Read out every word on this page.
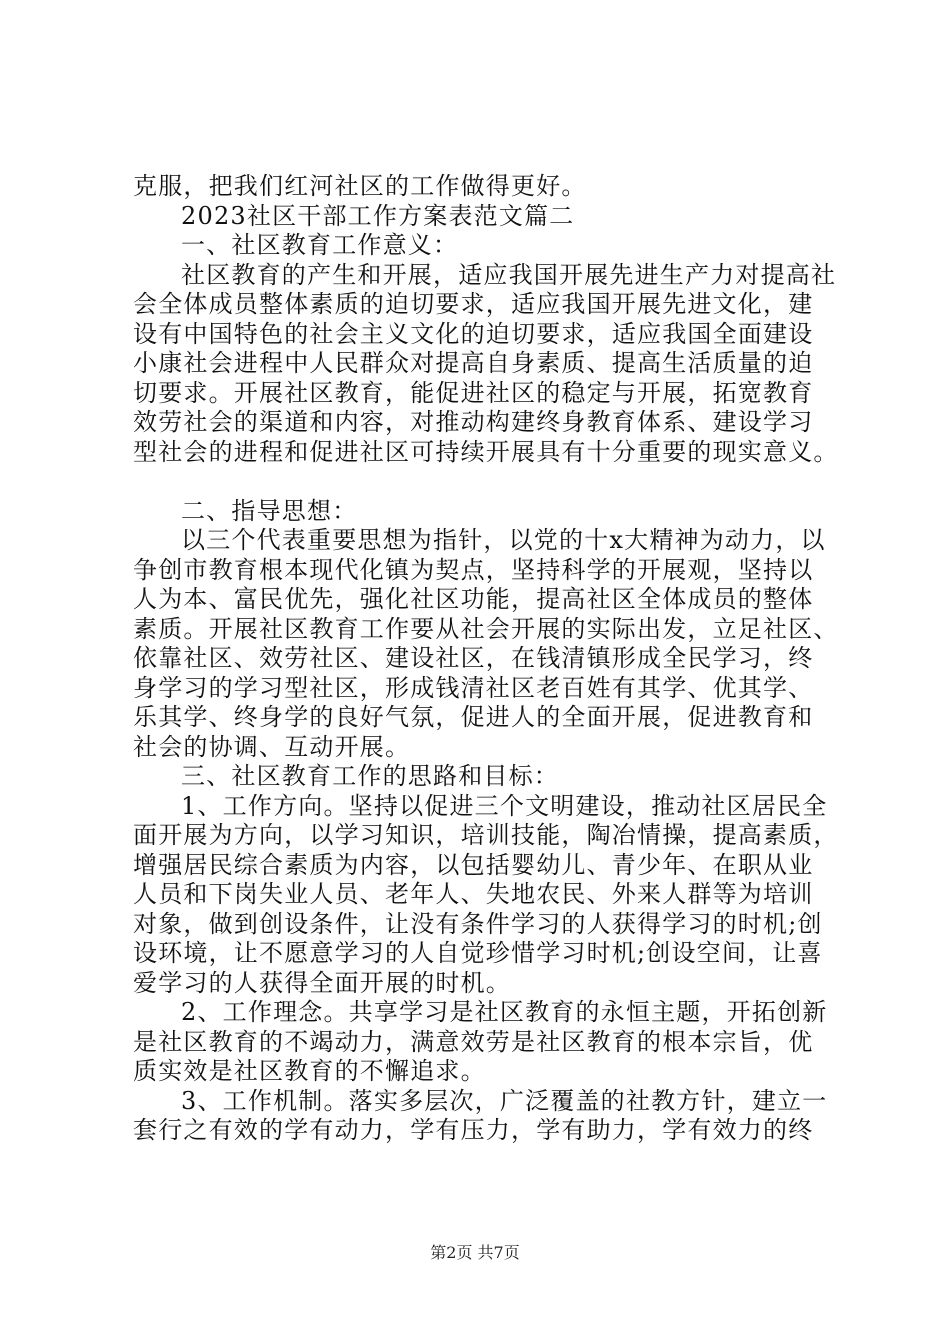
克服，把我们红河社区的工作做得更好。
2023社区干部工作方案表范文篇二
一、社区教育工作意义：
社区教育的产生和开展，适应我国开展先进生产力对提高社
会全体成员整体素质的迫切要求，适应我国开展先进文化，建
设有中国特色的社会主义文化的迫切要求，适应我国全面建设
小康社会进程中人民群众对提高自身素质、提高生活质量的迫
切要求。开展社区教育，能促进社区的稳定与开展，拓宽教育
效劳社会的渠道和内容，对推动构建终身教育体系、建设学习
型社会的进程和促进社区可持续开展具有十分重要的现实意义。
二、指导思想：
以三个代表重要思想为指针，以党的十x大精神为动力，以
争创市教育根本现代化镇为契点，坚持科学的开展观，坚持以
人为本、富民优先，强化社区功能，提高社区全体成员的整体
素质。开展社区教育工作要从社会开展的实际出发，立足社区、
依靠社区、效劳社区、建设社区，在钱清镇形成全民学习，终
身学习的学习型社区，形成钱清社区老百姓有其学、优其学、
乐其学、终身学的良好气氛，促进人的全面开展，促进教育和
社会的协调、互动开展。
三、社区教育工作的思路和目标：
1、工作方向。坚持以促进三个文明建设，推动社区居民全
面开展为方向，以学习知识，培训技能，陶冶情操，提高素质，
增强居民综合素质为内容，以包括婴幼儿、青少年、在职从业
人员和下岗失业人员、老年人、失地农民、外来人群等为培训
对象，做到创设条件，让没有条件学习的人获得学习的时机;创
设环境，让不愿意学习的人自觉珍惜学习时机;创设空间，让喜
爱学习的人获得全面开展的时机。
2、工作理念。共享学习是社区教育的永恒主题，开拓创新
是社区教育的不竭动力，满意效劳是社区教育的根本宗旨，优
质实效是社区教育的不懈追求。
3、工作机制。落实多层次，广泛覆盖的社教方针，建立一
套行之有效的学有动力，学有压力，学有助力，学有效力的终
第2页 共7页
